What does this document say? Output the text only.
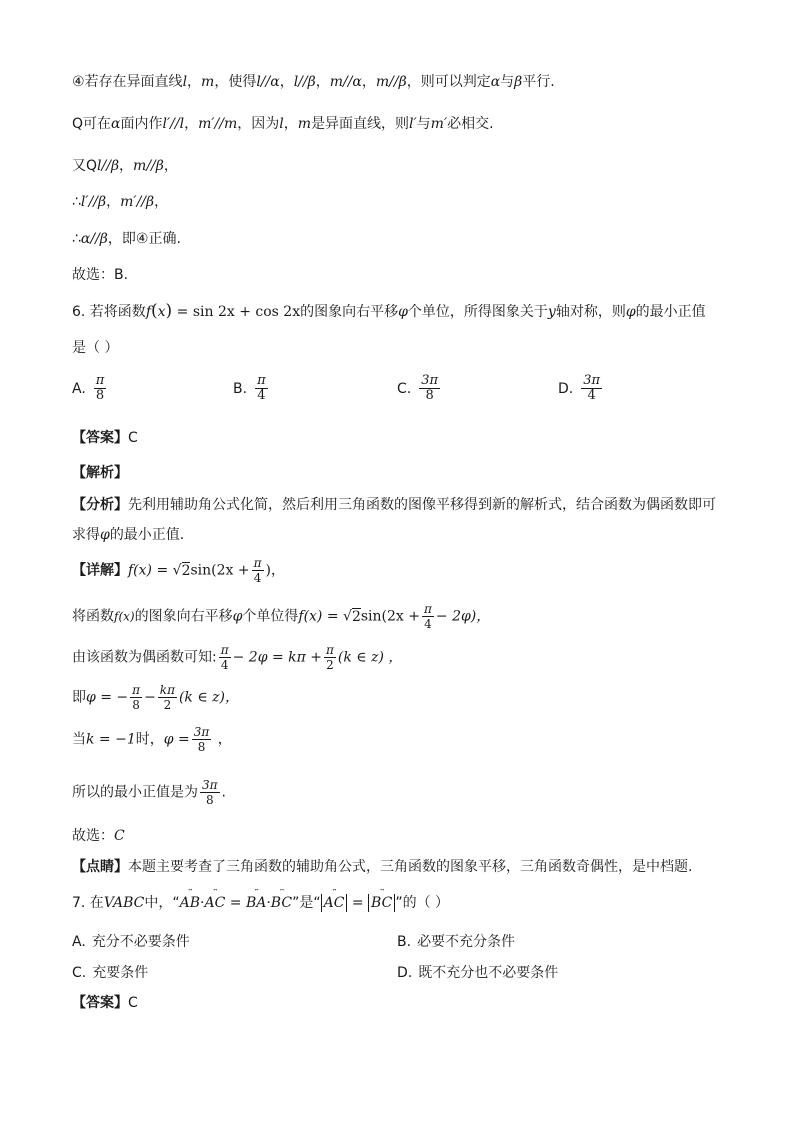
④若存在异面直线l，m，使得l//α，l//β，m//α，m//β，则可以判定α与β平行.
Q可在α面内作l′//l，m′//m，因为l，m是异面直线，则l′与m′必相交.
又Ql//β，m//β，
∴l′//β，m′//β，
∴α//β，即④正确.
故选：B.
6. 若将函数f(x) = sin 2x + cos 2x的图象向右平移φ个单位，所得图象关于y轴对称，则φ的最小正值
是（ ）
A. $\frac{\pi}{8}$	B. $\frac{\pi}{4}$	C. $\frac{3\pi}{8}$	D. $\frac{3\pi}{4}$
【答案】C
【解析】
【分析】先利用辅助角公式化简，然后利用三角函数的图像平移得到新的解析式，结合函数为偶函数即可
求得φ的最小正值.
【详解】$f(x) = √2\sin(2x + \frac{\pi}{4}$ )，
将函数f(x)的图象向右平移φ个单位得$f(x) = √2\sin(2x + \frac{\pi}{4} - 2\varphi)$，
由该函数为偶函数可知: $\frac{\pi}{4} - 2\varphi = k\pi + \frac{\pi}{2} (k$ ∈ z) ，
即φ = − $\frac{\pi}{8} - \frac{k\pi}{2} (k$ ∈ z)，
当k = −1时，$\varphi = \frac{3\pi}{8}$ ，
所以的最小正值是为 $\frac{3\pi}{8}$ .
故选：C
【点睛】本题主要考查了三角函数的辅助角公式，三角函数的图象平移，三角函数奇偶性，是中档题.
7. 在VABC中，“⎴ AB·⎴ AC = ⎴ BA·⎴ BC”是“⎴ AC = ⎴ BC ”的（ ）
A. 充分不必要条件	B. 必要不充分条件
C. 充要条件	D. 既不充分也不必要条件
【答案】C
